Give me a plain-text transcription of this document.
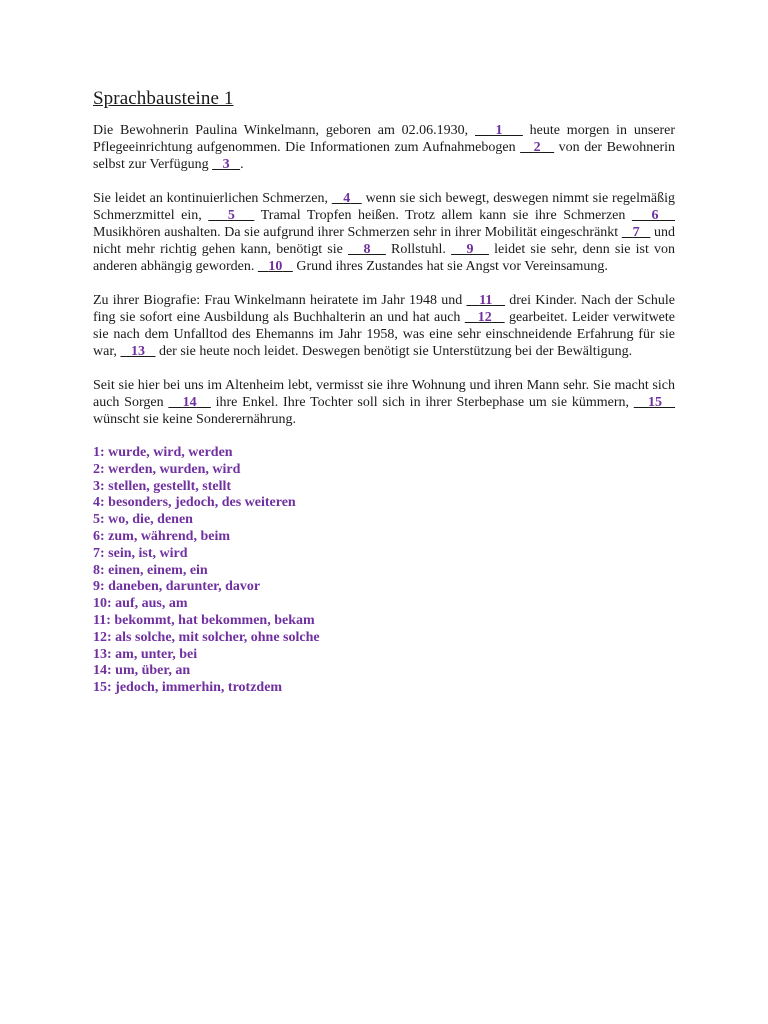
Sprachbausteine 1

Die Bewohnerin Paulina Winkelmann, geboren am 02.06.1930,    1    heute morgen in unserer Pflegeeinrichtung aufgenommen. Die Informationen zum Aufnahmebogen    2    von der Bewohnerin selbst zur Verfügung    3 .

Sie leidet an kontinuierlichen Schmerzen,    4    wenn sie sich bewegt, deswegen nimmt sie regelmäßig Schmerzmittel ein,    5    Tramal Tropfen heißen. Trotz allem kann sie ihre Schmerzen    6    Musikhören aushalten. Da sie aufgrund ihrer Schmerzen sehr in ihrer Mobilität eingeschränkt    7    und nicht mehr richtig gehen kann, benötigt sie    8    Rollstuhl.    9    leidet sie sehr, denn sie ist von anderen abhängig geworden.    10    Grund ihres Zustandes hat sie Angst vor Vereinsamung.

Zu ihrer Biografie: Frau Winkelmann heiratete im Jahr 1948 und    11    drei Kinder. Nach der Schule fing sie sofort eine Ausbildung als Buchhalterin an und hat auch    12    gearbeitet. Leider verwitwete sie nach dem Unfalltod des Ehemanns im Jahr 1958, was eine sehr einschneidende Erfahrung für sie war,    13    der sie heute noch leidet. Deswegen benötigt sie Unterstützung bei der Bewältigung.

Seit sie hier bei uns im Altenheim lebt, vermisst sie ihre Wohnung und ihren Mann sehr. Sie macht sich auch Sorgen    14    ihre Enkel. Ihre Tochter soll sich in ihrer Sterbephase um sie kümmern,    15    wünscht sie keine Sonderernährung.

1: wurde, wird, werden
2: werden, wurden, wird
3: stellen, gestellt, stellt
4: besonders, jedoch, des weiteren
5: wo, die, denen
6: zum, während, beim
7: sein, ist, wird
8: einen, einem, ein
9: daneben, darunter, davor
10: auf, aus, am
11: bekommt, hat bekommen, bekam
12: als solche, mit solcher, ohne solche
13: am, unter, bei
14: um, über, an
15: jedoch, immerhin, trotzdem
